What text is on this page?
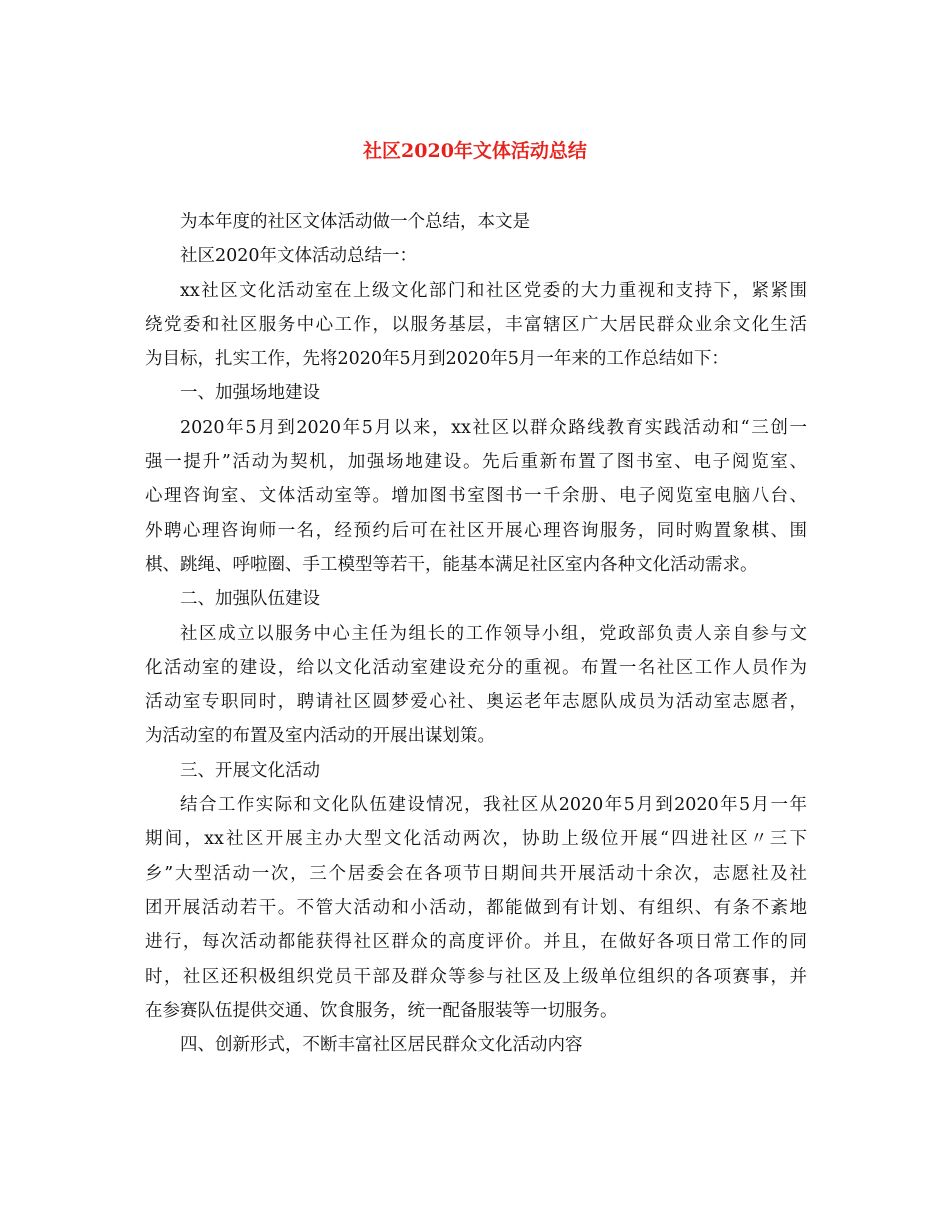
社区2020年文体活动总结
为本年度的社区文体活动做一个总结，本文是
社区2020年文体活动总结一：
xx社区文化活动室在上级文化部门和社区党委的大力重视和支持下，紧紧围
绕党委和社区服务中心工作，以服务基层，丰富辖区广大居民群众业余文化生活
为目标，扎实工作，先将2020年5月到2020年5月一年来的工作总结如下：
一、加强场地建设
2020年5月到2020年5月以来，xx社区以群众路线教育实践活动和“三创一
强一提升”活动为契机，加强场地建设。先后重新布置了图书室、电子阅览室、
心理咨询室、文体活动室等。增加图书室图书一千余册、电子阅览室电脑八台、
外聘心理咨询师一名，经预约后可在社区开展心理咨询服务，同时购置象棋、围
棋、跳绳、呼啦圈、手工模型等若干，能基本满足社区室内各种文化活动需求。
二、加强队伍建设
社区成立以服务中心主任为组长的工作领导小组，党政部负责人亲自参与文
化活动室的建设，给以文化活动室建设充分的重视。布置一名社区工作人员作为
活动室专职同时，聘请社区圆梦爱心社、奥运老年志愿队成员为活动室志愿者，
为活动室的布置及室内活动的开展出谋划策。
三、开展文化活动
结合工作实际和文化队伍建设情况，我社区从2020年5月到2020年5月一年
期间，xx社区开展主办大型文化活动两次，协助上级位开展“四进社区〃三下
乡”大型活动一次，三个居委会在各项节日期间共开展活动十余次，志愿社及社
团开展活动若干。不管大活动和小活动，都能做到有计划、有组织、有条不紊地
进行，每次活动都能获得社区群众的高度评价。并且，在做好各项日常工作的同
时，社区还积极组织党员干部及群众等参与社区及上级单位组织的各项赛事，并
在参赛队伍提供交通、饮食服务，统一配备服装等一切服务。
四、创新形式，不断丰富社区居民群众文化活动内容
